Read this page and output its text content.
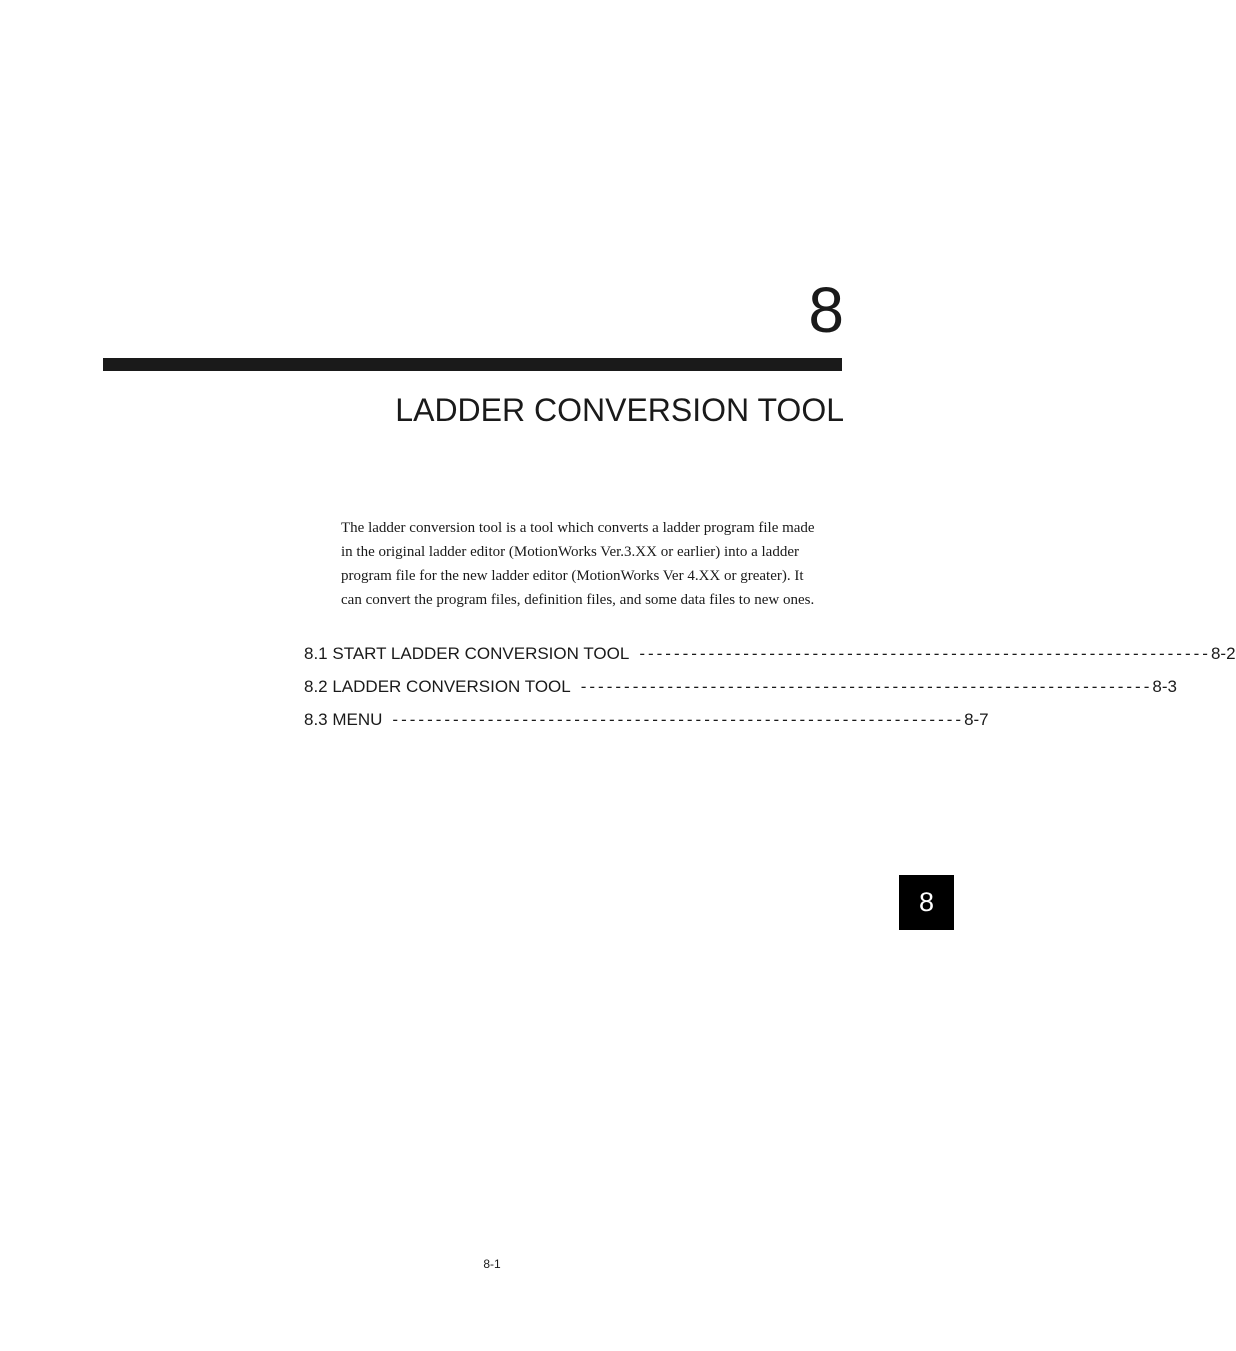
8
LADDER CONVERSION TOOL
The ladder conversion tool is a tool which converts a ladder program file made
in the original ladder editor (MotionWorks Ver.3.XX or earlier) into a ladder
program file for the new ladder editor (MotionWorks Ver 4.XX or greater). It
can convert the program files, definition files, and some data files to new ones.
8.1 START LADDER CONVERSION TOOL ------------------------------------------------------------------ 8-2
8.2 LADDER CONVERSION TOOL ------------------------------------------------------------------ 8-3
8.3 MENU ------------------------------------------------------------------ 8-7
8
8-1
